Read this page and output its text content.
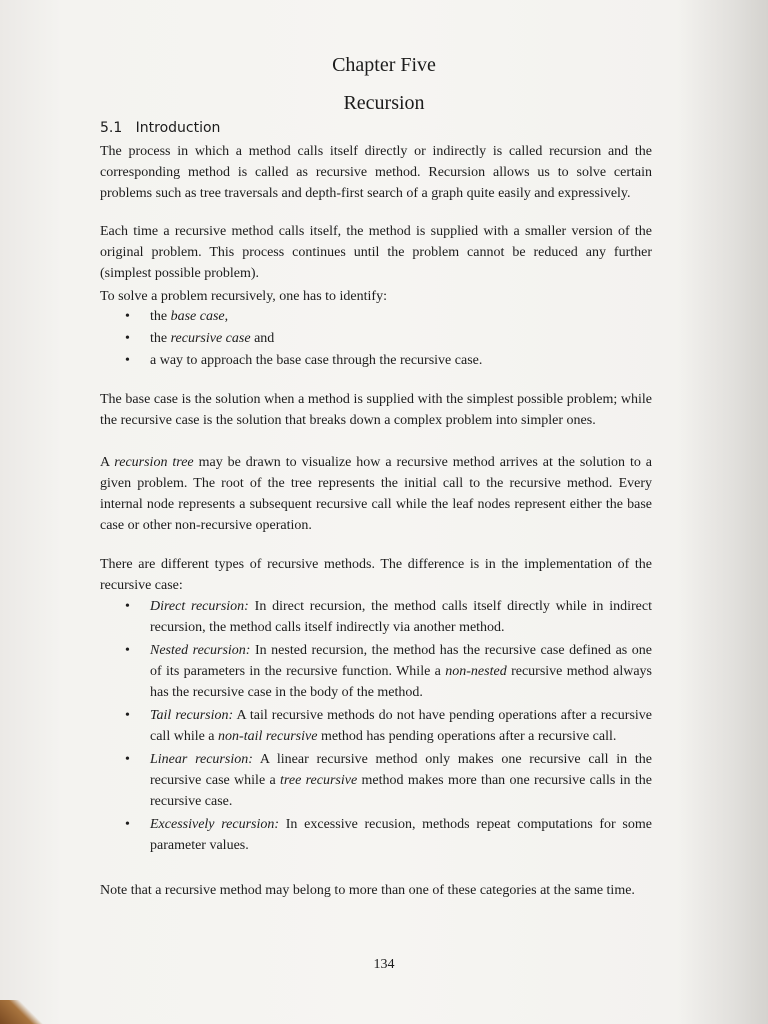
Chapter Five
Recursion
5.1 Introduction

The process in which a method calls itself directly or indirectly is called recursion and the corresponding method is called as recursive method. Recursion allows us to solve certain problems such as tree traversals and depth-first search of a graph quite easily and expressively.

Each time a recursive method calls itself, the method is supplied with a smaller version of the original problem. This process continues until the problem cannot be reduced any further (simplest possible problem).

To solve a problem recursively, one has to identify:

• the base case,
• the recursive case and
• a way to approach the base case through the recursive case.

The base case is the solution when a method is supplied with the simplest possible problem; while the recursive case is the solution that breaks down a complex problem into simpler ones.

A recursion tree may be drawn to visualize how a recursive method arrives at the solution to a given problem. The root of the tree represents the initial call to the recursive method. Every internal node represents a subsequent recursive call while the leaf nodes represent either the base case or other non-recursive operation.

There are different types of recursive methods. The difference is in the implementation of the recursive case:

• Direct recursion: In direct recursion, the method calls itself directly while in indirect recursion, the method calls itself indirectly via another method.
• Nested recursion: In nested recursion, the method has the recursive case defined as one of its parameters in the recursive function. While a non-nested recursive method always has the recursive case in the body of the method.
• Tail recursion: A tail recursive methods do not have pending operations after a recursive call while a non-tail recursive method has pending operations after a recursive call.
• Linear recursion: A linear recursive method only makes one recursive call in the recursive case while a tree recursive method makes more than one recursive calls in the recursive case.
• Excessively recursion: In excessive recusion, methods repeat computations for some parameter values.

Note that a recursive method may belong to more than one of these categories at the same time.

134
